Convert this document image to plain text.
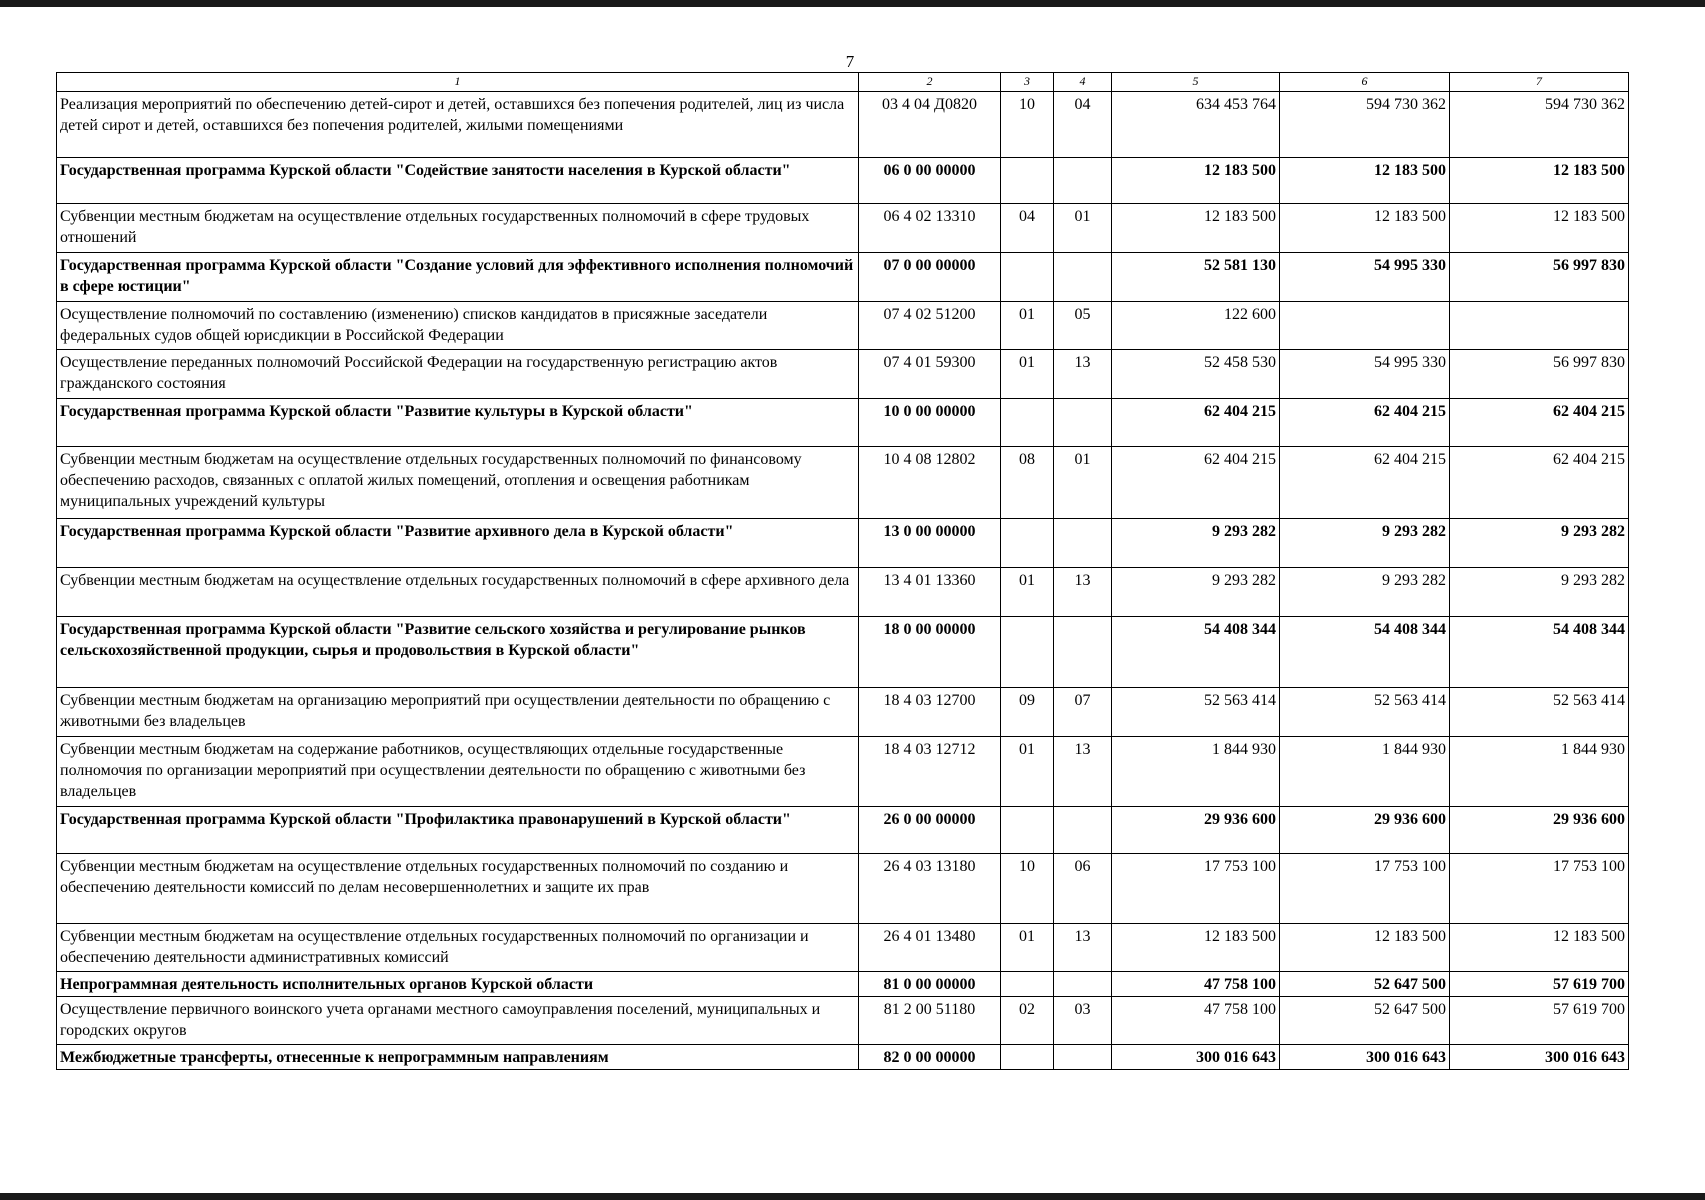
7
1	2	3	4	5	6	7
Реализация мероприятий по обеспечению детей-сирот и детей, оставшихся без попечения родителей, лиц из числа детей сирот и детей, оставшихся без попечения родителей, жилыми помещениями	03 4 04 Д0820	10	04	634 453 764	594 730 362	594 730 362
Государственная программа Курской области "Содействие занятости населения в Курской области"	06 0 00 00000			12 183 500	12 183 500	12 183 500
Субвенции местным бюджетам на осуществление отдельных государственных полномочий в сфере трудовых отношений	06 4 02 13310	04	01	12 183 500	12 183 500	12 183 500
Государственная программа Курской области "Создание условий для эффективного исполнения полномочий в сфере юстиции"	07 0 00 00000			52 581 130	54 995 330	56 997 830
Осуществление полномочий по составлению (изменению) списков кандидатов в присяжные заседатели федеральных судов общей юрисдикции в Российской Федерации	07 4 02 51200	01	05	122 600		
Осуществление переданных полномочий Российской Федерации на государственную регистрацию актов гражданского состояния	07 4 01 59300	01	13	52 458 530	54 995 330	56 997 830
Государственная программа Курской области "Развитие культуры в Курской области"	10 0 00 00000			62 404 215	62 404 215	62 404 215
Субвенции местным бюджетам на осуществление отдельных государственных полномочий по финансовому обеспечению расходов, связанных с оплатой жилых помещений, отопления и освещения работникам муниципальных учреждений культуры	10 4 08 12802	08	01	62 404 215	62 404 215	62 404 215
Государственная программа Курской области "Развитие архивного дела в Курской области"	13 0 00 00000			9 293 282	9 293 282	9 293 282
Субвенции местным бюджетам на осуществление отдельных государственных полномочий в сфере архивного дела	13 4 01 13360	01	13	9 293 282	9 293 282	9 293 282
Государственная программа Курской области "Развитие сельского хозяйства и регулирование рынков сельскохозяйственной продукции, сырья и продовольствия в Курской области"	18 0 00 00000			54 408 344	54 408 344	54 408 344
Субвенции местным бюджетам на организацию мероприятий при осуществлении деятельности по обращению с животными без владельцев	18 4 03 12700	09	07	52 563 414	52 563 414	52 563 414
Субвенции местным бюджетам на содержание работников, осуществляющих отдельные государственные полномочия по организации мероприятий при осуществлении деятельности по обращению с животными без владельцев	18 4 03 12712	01	13	1 844 930	1 844 930	1 844 930
Государственная программа Курской области "Профилактика правонарушений в Курской области"	26 0 00 00000			29 936 600	29 936 600	29 936 600
Субвенции местным бюджетам на осуществление отдельных государственных полномочий по созданию и обеспечению деятельности комиссий по делам несовершеннолетних и защите их прав	26 4 03 13180	10	06	17 753 100	17 753 100	17 753 100
Субвенции местным бюджетам на осуществление отдельных государственных полномочий по организации и обеспечению деятельности административных комиссий	26 4 01 13480	01	13	12 183 500	12 183 500	12 183 500
Непрограммная деятельность исполнительных органов Курской области	81 0 00 00000			47 758 100	52 647 500	57 619 700
Осуществление первичного воинского учета органами местного самоуправления поселений, муниципальных и городских округов	81 2 00 51180	02	03	47 758 100	52 647 500	57 619 700
Межбюджетные трансферты, отнесенные к непрограммным направлениям	82 0 00 00000			300 016 643	300 016 643	300 016 643
